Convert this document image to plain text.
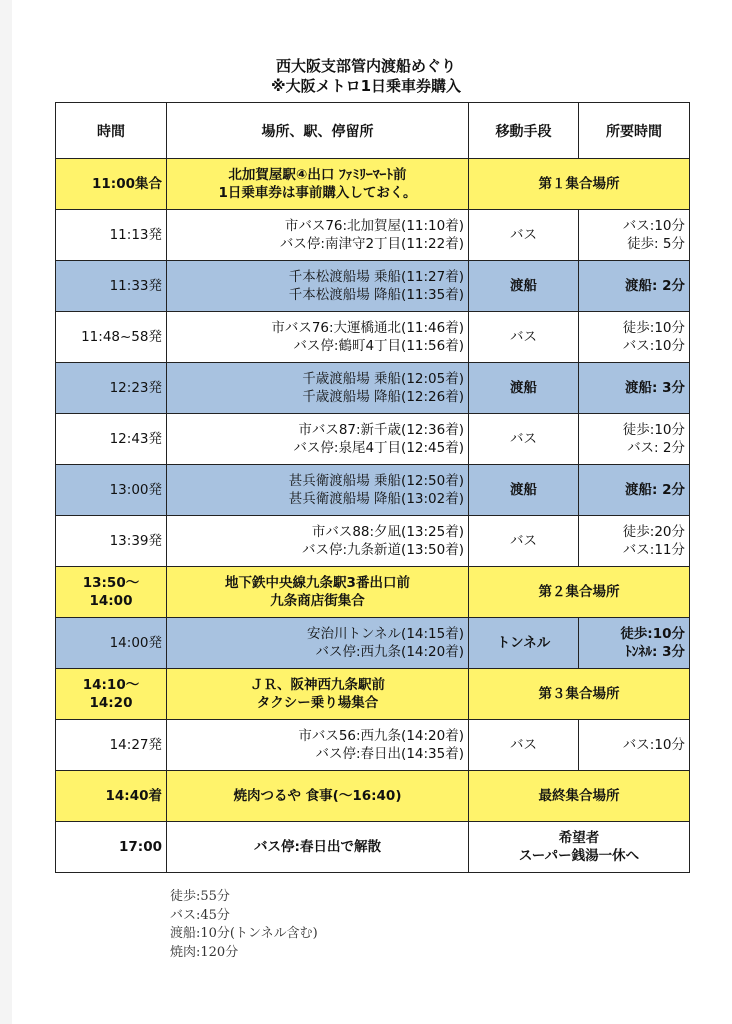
西大阪支部管内渡船めぐり
※大阪メトロ1日乗車券購入
時間	場所、駅、停留所	移動手段	所要時間

11:00集合	北加賀屋駅④出口 ﾌｧﾐﾘｰﾏｰﾄ前
1日乗車券は事前購入しておく。	第１集合場所	

11:13発	市バス76:北加賀屋(11:10着)
バス停:南津守2丁目(11:22着)	バス	バス:10分
徒歩: 5分

11:33発	千本松渡船場 乗船(11:27着)
千本松渡船場 降船(11:35着)	渡船	渡船: 2分

11:48~58発	市バス76:大運橋通北(11:46着)
バス停:鶴町4丁目(11:56着)	バス	徒歩:10分
バス:10分

12:23発	千歳渡船場 乗船(12:05着)
千歳渡船場 降船(12:26着)	渡船	渡船: 3分

12:43発	市バス87:新千歳(12:36着)
バス停:泉尾4丁目(12:45着)	バス	徒歩:10分
バス: 2分

13:00発	甚兵衛渡船場 乗船(12:50着)
甚兵衛渡船場 降船(13:02着)	渡船	渡船: 2分

13:39発	市バス88:夕凪(13:25着)
バス停:九条新道(13:50着)	バス	徒歩:20分
バス:11分

13:50〜
14:00	地下鉄中央線九条駅3番出口前
九条商店街集合	第２集合場所	

14:00発	安治川トンネル(14:15着)
バス停:西九条(14:20着)	トンネル	徒歩:10分
ﾄﾝﾈﾙ: 3分

14:10〜
14:20	ＪＲ、阪神西九条駅前
タクシー乗り場集合	第３集合場所	

14:27発	市バス56:西九条(14:20着)
バス停:春日出(14:35着)	バス	バス:10分

14:40着	焼肉つるや 食事(〜16:40)	最終集合場所	

17:00	バス停:春日出で解散	希望者
スーパー銭湯一休へ	
徒歩:55分
バス:45分
渡船:10分(トンネル含む)
焼肉:120分
